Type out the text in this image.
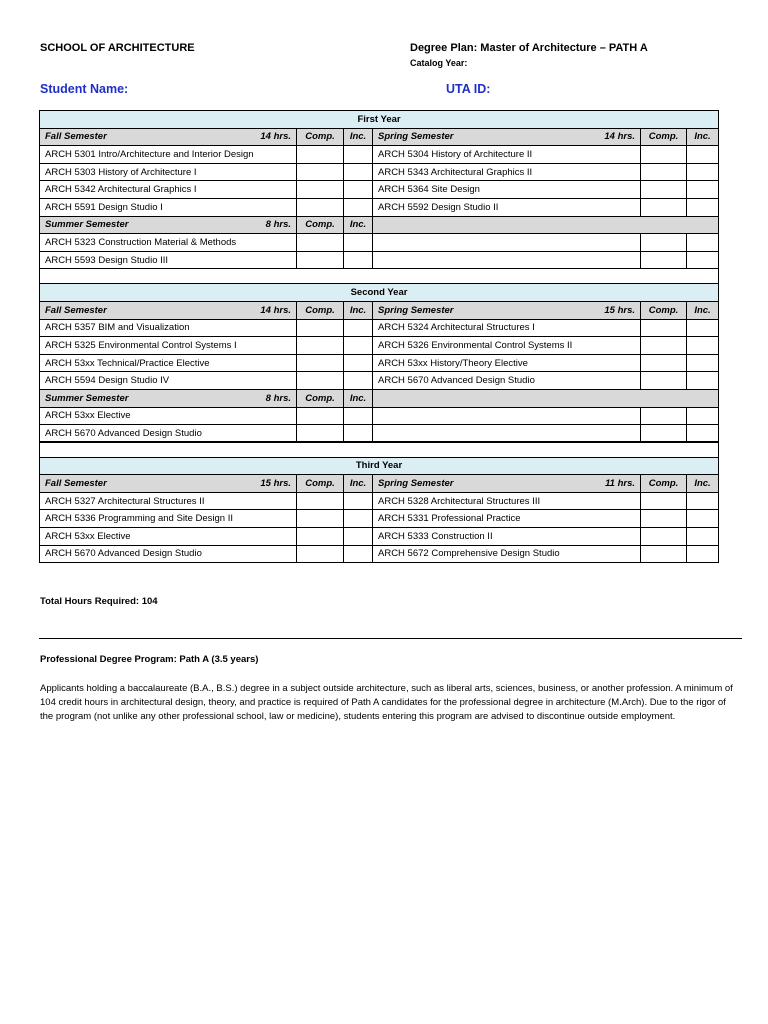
SCHOOL OF ARCHITECTURE	Degree Plan: Master of Architecture – PATH A
Catalog Year:
Student Name:	UTA ID:
First Year					

Fall Semester 14 hrs.	Comp.	Inc.	Spring Semester 14 hrs.	Comp.	Inc.
ARCH 5301 Intro/Architecture and Interior Design			ARCH 5304 History of Architecture II		
ARCH 5303 History of Architecture I			ARCH 5343 Architectural Graphics II		
ARCH 5342 Architectural Graphics I			ARCH 5364 Site Design		
ARCH 5591 Design Studio I			ARCH 5592 Design Studio II		

Summer Semester 8 hrs.	Comp.	Inc.			
ARCH 5323 Construction Material & Methods					
ARCH 5593 Design Studio III					

Second Year					

Fall Semester 14 hrs.	Comp.	Inc.	Spring Semester 15 hrs.	Comp.	Inc.
ARCH 5357 BIM and Visualization			ARCH 5324 Architectural Structures I		
ARCH 5325 Environmental Control Systems I			ARCH 5326 Environmental Control Systems II		
ARCH 53xx Technical/Practice Elective			ARCH 53xx History/Theory Elective		
ARCH 5594 Design Studio IV			ARCH 5670 Advanced Design Studio		

Summer Semester 8 hrs.	Comp.	Inc.			
ARCH 53xx Elective					
ARCH 5670 Advanced Design Studio					

Third Year					

Fall Semester 15 hrs.	Comp.	Inc.	Spring Semester 11 hrs.	Comp.	Inc.
ARCH 5327 Architectural Structures II			ARCH 5328 Architectural Structures III		
ARCH 5336 Programming and Site Design II			ARCH 5331 Professional Practice		
ARCH 53xx Elective			ARCH 5333 Construction II		
ARCH 5670 Advanced Design Studio			ARCH 5672 Comprehensive Design Studio		
Total Hours Required: 104
Professional Degree Program: Path A (3.5 years)
Applicants holding a baccalaureate (B.A., B.S.) degree in a subject outside architecture, such as liberal arts, sciences, business, or another profession. A minimum of 104 credit hours in architectural design, theory, and practice is required of Path A candidates for the professional degree in architecture (M.Arch). Due to the rigor of the program (not unlike any other professional school, law or medicine), students entering this program are advised to discontinue outside employment.
